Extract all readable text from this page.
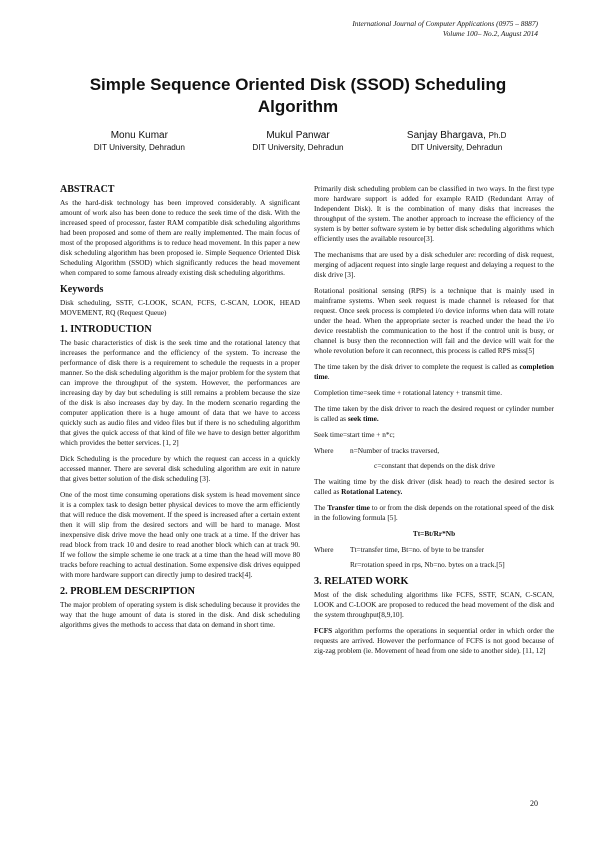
International Journal of Computer Applications (0975 – 8887)
Volume 100– No.2, August 2014
Simple Sequence Oriented Disk (SSOD) Scheduling Algorithm
Monu Kumar
DIT University, Dehradun
Mukul Panwar
DIT University, Dehradun
Sanjay Bhargava, Ph.D
DIT University, Dehradun
ABSTRACT

As the hard-disk technology has been improved considerably. A significant amount of work also has been done to reduce the seek time of the disk. With the increased speed of processor, faster RAM compatible disk scheduling algorithms had been proposed and some of them are really implemented. The main focus of most of the proposed algorithms is to reduce head movement. In this paper a new disk scheduling algorithm has been proposed ie. Simple Sequence Oriented Disk Scheduling Algorithm (SSOD) which significantly reduces the head movement when compared to some famous already existing disk scheduling algorithms.

Keywords

Disk scheduling, SSTF, C-LOOK, SCAN, FCFS, C-SCAN, LOOK, HEAD MOVEMENT, RQ (Request Queue)

1. INTRODUCTION

The basic characteristics of disk is the seek time and the rotational latency that increases the performance and the efficiency of the system. To increase the performance of disk there is a requirement to schedule the requests in a proper manner. So the disk scheduling algorithm is the major problem for the system that can improve the throughput of the system. However, the performances are increasing day by day but scheduling is still remains a problem because the size of the disk is also increases day by day. In the modern scenario regarding the computer application there is a huge amount of data that we have to access quickly such as audio files and video files but if there is no scheduling algorithm that gives the quick access of that kind of file we have to design better algorithm which provides the better services. [1, 2]

Dick Scheduling is the procedure by which the request can access in a quickly accessed manner. There are several disk scheduling algorithm are exit in nature that gives better solution of the disk scheduling [3].

One of the most time consuming operations disk system is head movement since it is a complex task to design better physical devices to move the arm efficiently that will reduce the disk movement. If the speed is increased after a certain extent then it will slip from the desired sectors and will be hard to manage. Most inexpensive disk drive move the head only one track at a time. If the driver has read block from track 10 and desire to read another block which can at track 90. If we follow the simple scheme ie one track at a time than the head will move 80 tracks before reaching to actual destination. Some expensive disk drives equipped with more hardware support can directly jump to desired track[4].

2. PROBLEM DESCRIPTION

The major problem of operating system is disk scheduling because it provides the way that the huge amount of data is stored in the disk. And disk scheduling algorithms gives the methods to access that data on demand in short time.

Primarily disk scheduling problem can be classified in two ways. In the first type more hardware support is added for example RAID (Redundant Array of Independent Disk). It is the combination of many disks that increases the throughput of the system. The another approach to increase the efficiency of the system is by better software system ie by better disk scheduling algorithms which efficiently uses the available resource[3].

The mechanisms that are used by a disk scheduler are: recording of disk request, merging of adjacent request into single large request and delaying a request to the disk drive [3].

Rotational positional sensing (RPS) is a technique that is mainly used in mainframe systems. When seek request is made channel is released for that request. Once seek process is completed i/o device informs when data will rotate under the head. When the appropriate secter is reached under the head the i/o device reestablish the communication to the host if the control unit is busy, or channel is busy then the reconnection will fail and the device will wait for the whole revolution before it can reconnect, this process is called RPS miss[5]

The time taken by the disk driver to complete the request is called as completion time.

Completion time=seek time + rotational latency + transmit time.

The time taken by the disk driver to reach the desired request or cylinder number is called as seek time.

Seek time=start time + n*c;

Where	n=Number of tracks traversed,
c=constant that depends on the disk drive

The waiting time by the disk driver (disk head) to reach the desired sector is called as Rotational Latency.

The Transfer time to or from the disk depends on the rotational speed of the disk in the following formula [5].

Tt=Bt/Rr*Nb

Where	Tt=transfer time, Bt=no. of byte to be transfer
Rr=rotation speed in rps, Nb=no. bytes on a track.[5]
3. RELATED WORK

Most of the disk scheduling algorithms like FCFS, SSTF, SCAN, C-SCAN, LOOK and C-LOOK are proposed to reduced the head movement of the disk and the system throughput[8,9,10].

FCFS algorithm performs the operations in sequential order in which order the requests are arrived. However the performance of FCFS is not good because of zig-zag problem (ie. Movement of head from one side to another side). [11, 12]

20
